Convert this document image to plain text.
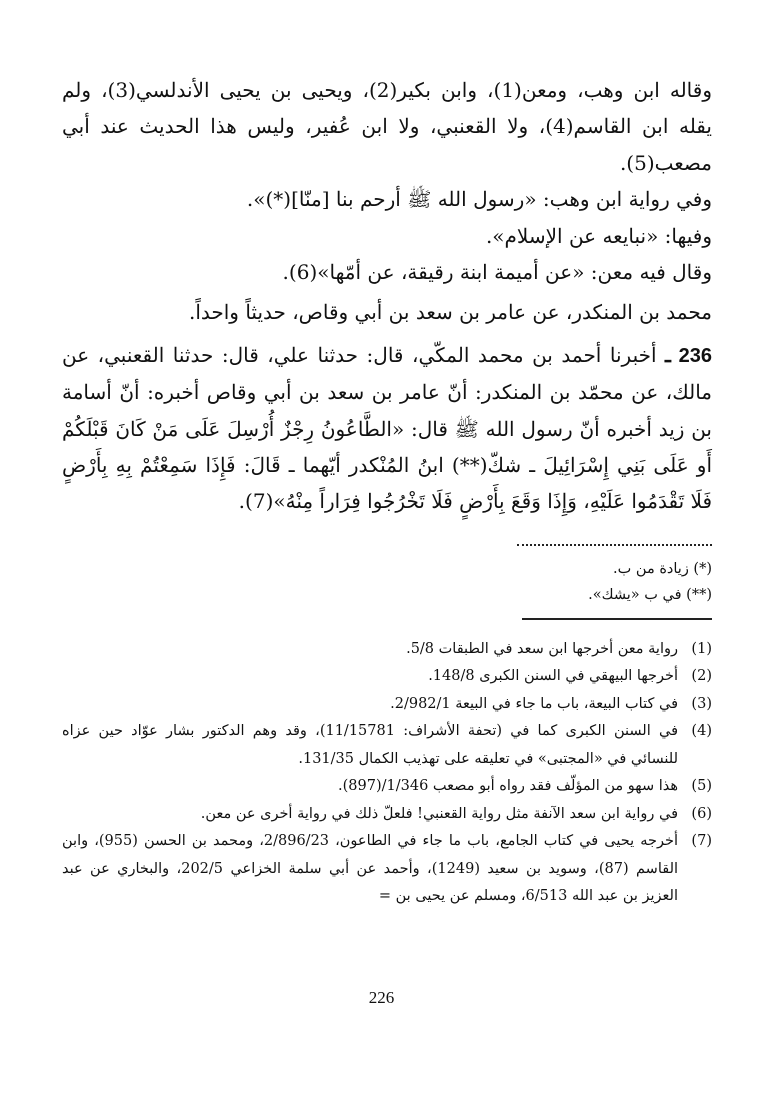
وقاله ابن وهب، ومعن(1)، وابن بكير(2)، ويحيى بن يحيى الأندلسي(3)، ولم يقله ابن القاسم(4)، ولا القعنبي، ولا ابن عُفير، وليس هذا الحديث عند أبي مصعب(5).

وفي رواية ابن وهب: «رسول الله ﷺ أرحم بنا [منّا](*)».

وفيها: «نبايعه عن الإسلام».

وقال فيه معن: «عن أميمة ابنة رقيقة، عن أمّها»(6).

محمد بن المنكدر، عن عامر بن سعد بن أبي وقاص، حديثاً واحداً.

236 ـ أخبرنا أحمد بن محمد المكّي، قال: حدثنا علي، قال: حدثنا القعنبي، عن مالك، عن محمّد بن المنكدر: أنّ عامر بن سعد بن أبي وقاص أخبره: أنّ أسامة بن زيد أخبره أنّ رسول الله ﷺ قال: «الطَّاعُونُ رِجْزٌ أُرْسِلَ عَلَى مَنْ كَانَ قَبْلَكُمْ أَو عَلَى بَنِي إِسْرَائِيلَ ـ شكّ(**) ابنُ المُنْكدر أيّهما ـ قَالَ: فَإِذَا سَمِعْتُمْ بِهِ بِأَرْضٍ فَلَا تَقْدَمُوا عَلَيْهِ، وَإِذَا وَقَعَ بِأَرْضٍ فَلَا تَخْرُجُوا فِرَاراً مِنْهُ»(7).

(*) زيادة من ب.

(**) في ب «يشك».

(1)
رواية معن أخرجها ابن سعد في الطبقات 5/8.
(2)
أخرجها البيهقي في السنن الكبرى 148/8.
(3)
في كتاب البيعة، باب ما جاء في البيعة 2/982/1.
(4)
في السنن الكبرى كما في (تحفة الأشراف: 11/15781)، وقد وهم الدكتور بشار عوّاد حين عزاه للنسائي في «المجتبى» في تعليقه على تهذيب الكمال 131/35.
(5)
هذا سهو من المؤلّف فقد رواه أبو مصعب 1/346/(897).
(6)
في رواية ابن سعد الآنفة مثل رواية القعنبي! فلعلّ ذلك في رواية أخرى عن معن.
(7)
أخرجه يحيى في كتاب الجامع، باب ما جاء في الطاعون، 2/896/23، ومحمد بن الحسن (955)، وابن القاسم (87)، وسويد بن سعيد (1249)، وأحمد عن أبي سلمة الخزاعي 202/5، والبخاري عن عبد العزيز بن عبد الله 6/513، ومسلم عن يحيى بن =
226
